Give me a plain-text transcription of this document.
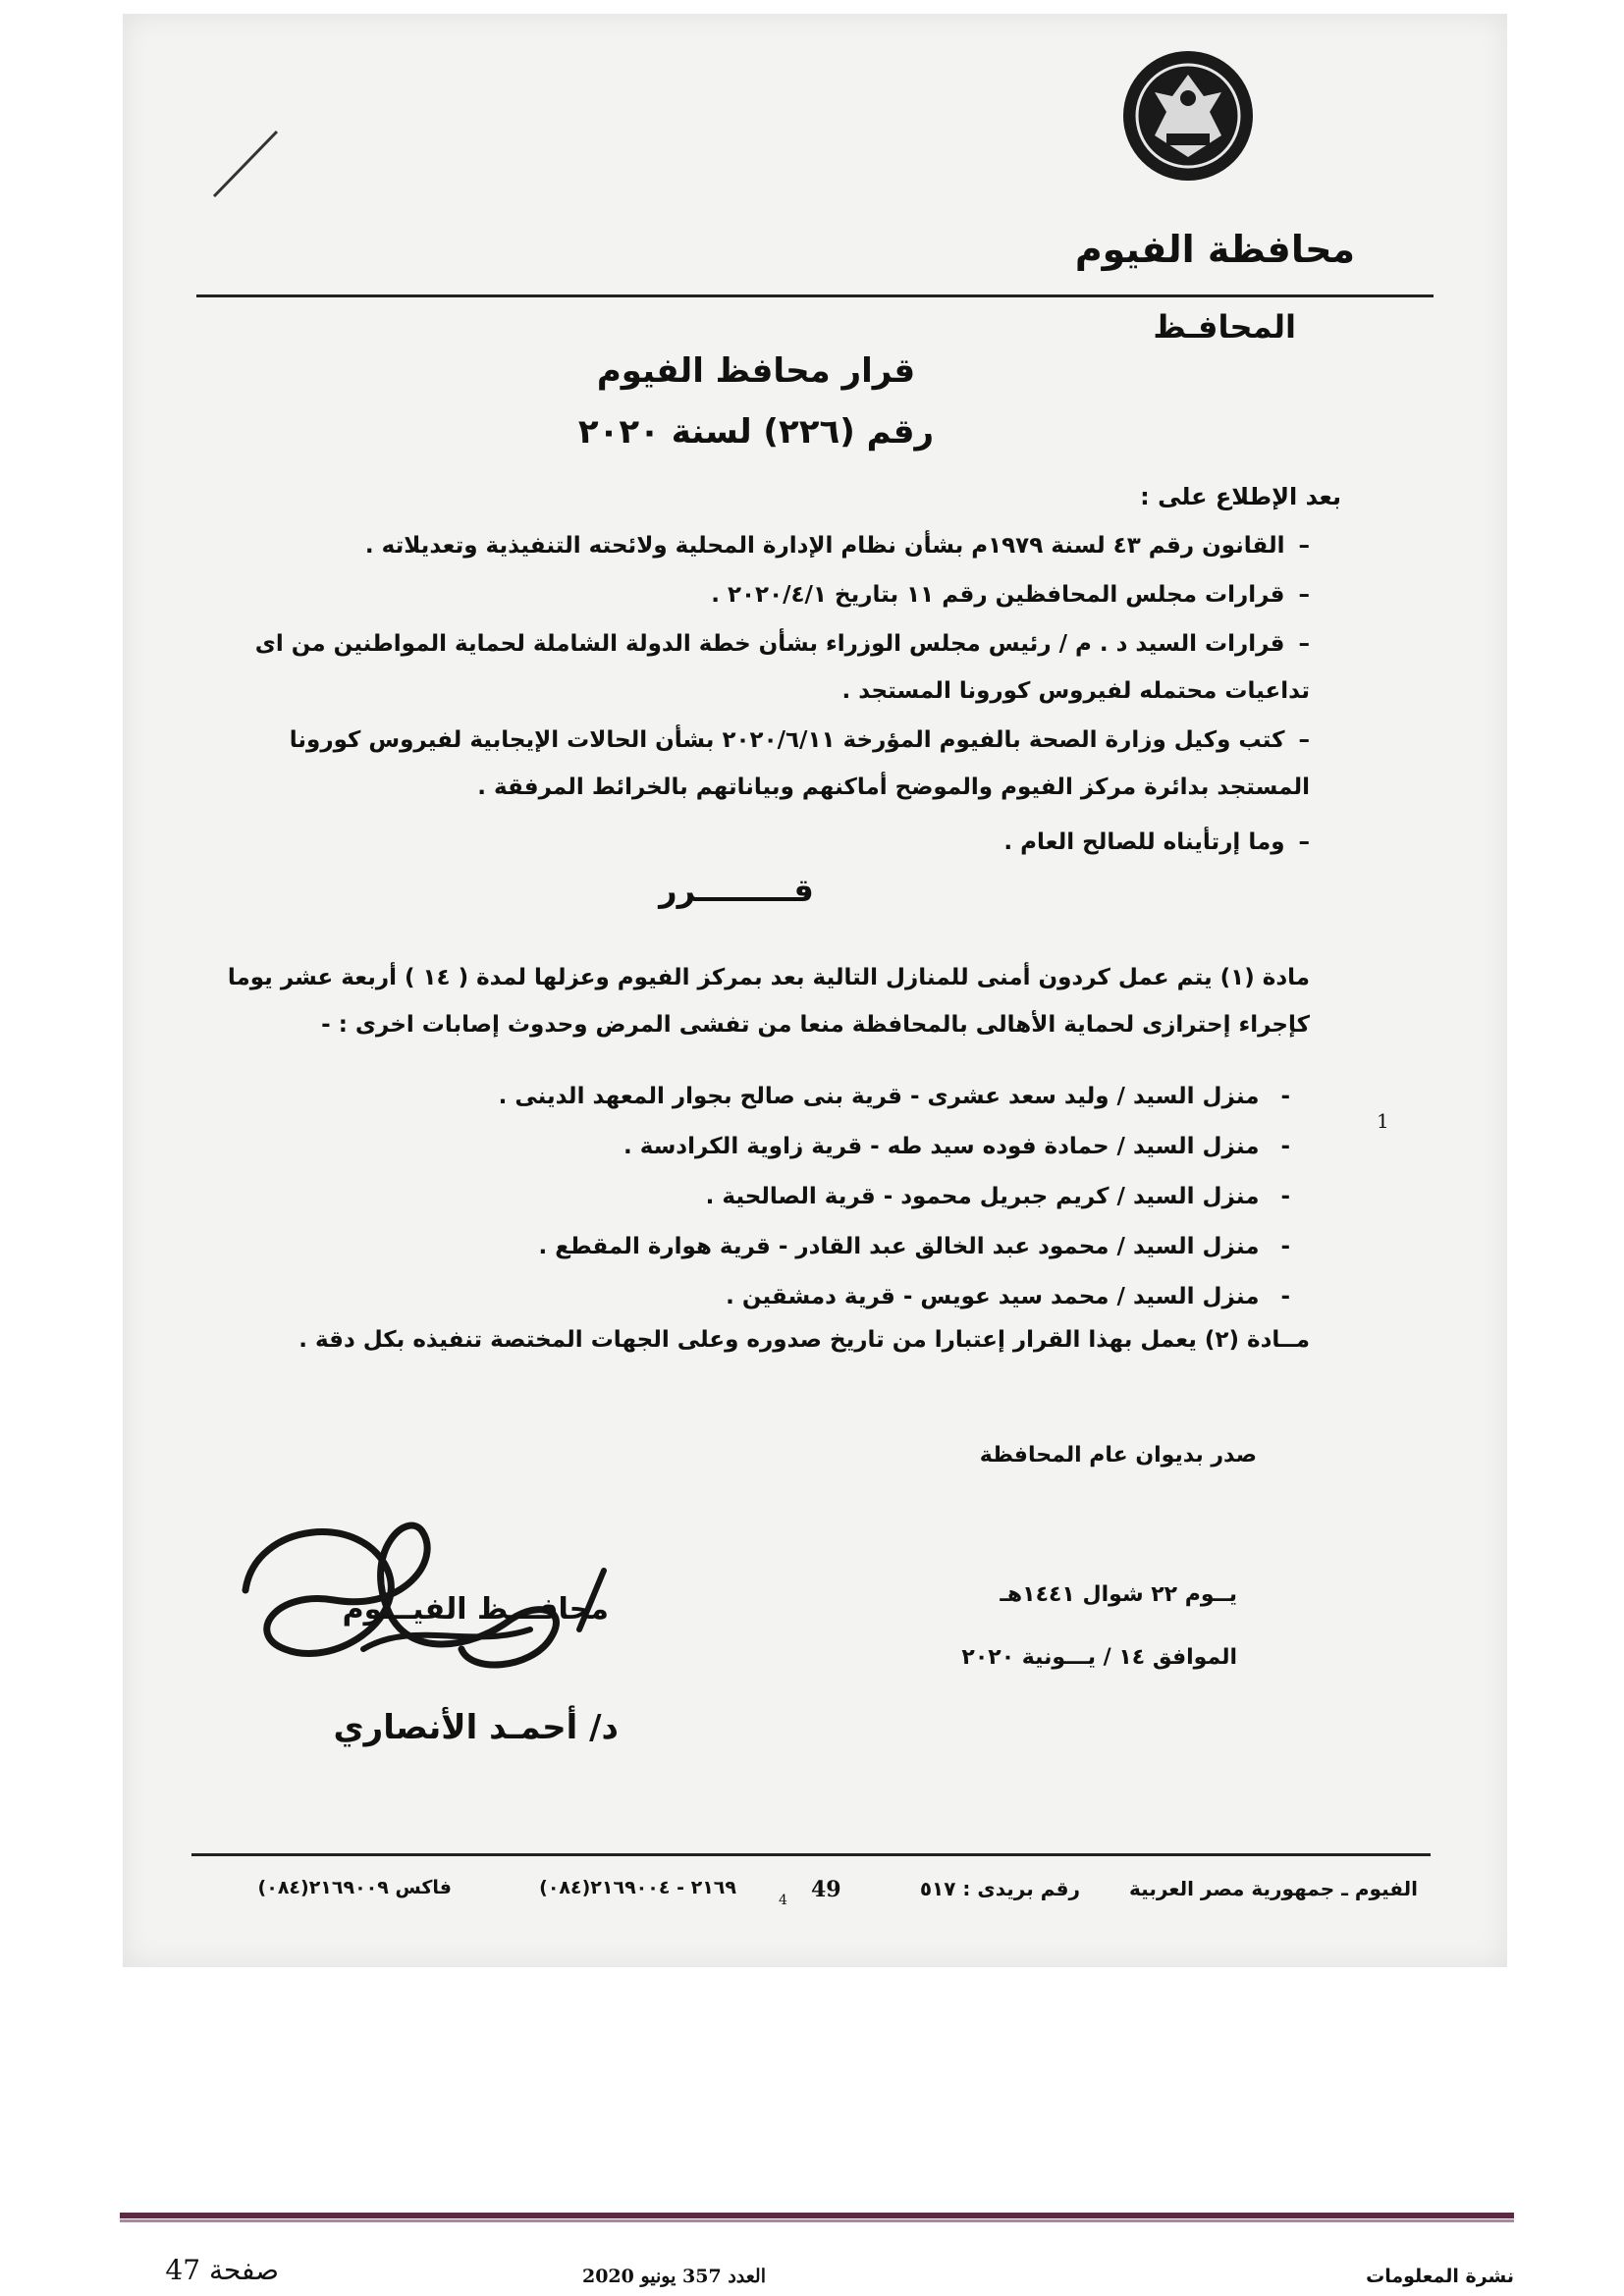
محافظة الفيوم
المحافـظ
قرار محافظ الفيوم
رقم (٢٢٦) لسنة ٢٠٢٠
بعد الإطلاع على :
–القانون رقم ٤٣ لسنة ١٩٧٩م بشأن نظام الإدارة المحلية ولائحته التنفيذية وتعديلاته .
–قرارات مجلس المحافظين رقم ١١ بتاريخ ٢٠٢٠/٤/١ .
–قرارات السيد د . م / رئيس مجلس الوزراء بشأن خطة الدولة الشاملة لحماية المواطنين من اى تداعيات محتمله لفيروس كورونا المستجد .
–كتب وكيل وزارة الصحة بالفيوم المؤرخة ٢٠٢٠/٦/١١ بشأن الحالات الإيجابية لفيروس كورونا المستجد بدائرة مركز الفيوم والموضح أماكنهم وبياناتهم بالخرائط المرفقة .
–وما إرتأيناه للصالح العام .
قـــــــــرر
مادة (١) يتم عمل كردون أمنى للمنازل التالية بعد بمركز الفيوم وعزلها لمدة ( ١٤ ) أربعة عشر يوما كإجراء إحترازى لحماية الأهالى بالمحافظة منعا من تفشى المرض وحدوث إصابات اخرى : -
-منزل السيد / وليد سعد عشرى - قرية بنى صالح بجوار المعهد الدينى .
-منزل السيد / حمادة فوده سيد طه - قرية زاوية الكرادسة .
-منزل السيد / كريم جبريل محمود - قرية الصالحية .
-منزل السيد / محمود عبد الخالق عبد القادر - قرية هوارة المقطع .
-منزل السيد / محمد سيد عويس - قرية دمشقين .
1
مــادة (٢) يعمل بهذا القرار إعتبارا من تاريخ صدوره وعلى الجهات المختصة تنفيذه بكل دقة .
صدر بديوان عام المحافظة
يــوم ٢٢ شوال ١٤٤١هـ
الموافق ١٤ / يـــونية ٢٠٢٠
محافـــظ الفيـــوم
د/ أحمـد الأنصاري
الفيوم ـ جمهورية مصر العربية
رقم بريدى : ٥١٧
٢١٦٩ - ٢١٦٩٠٠٤(٠٨٤)
فاكس ٢١٦٩٠٠٩(٠٨٤)	49
4
نشرة المعلومات
العدد 357 يونيو 2020
صفحة 47
